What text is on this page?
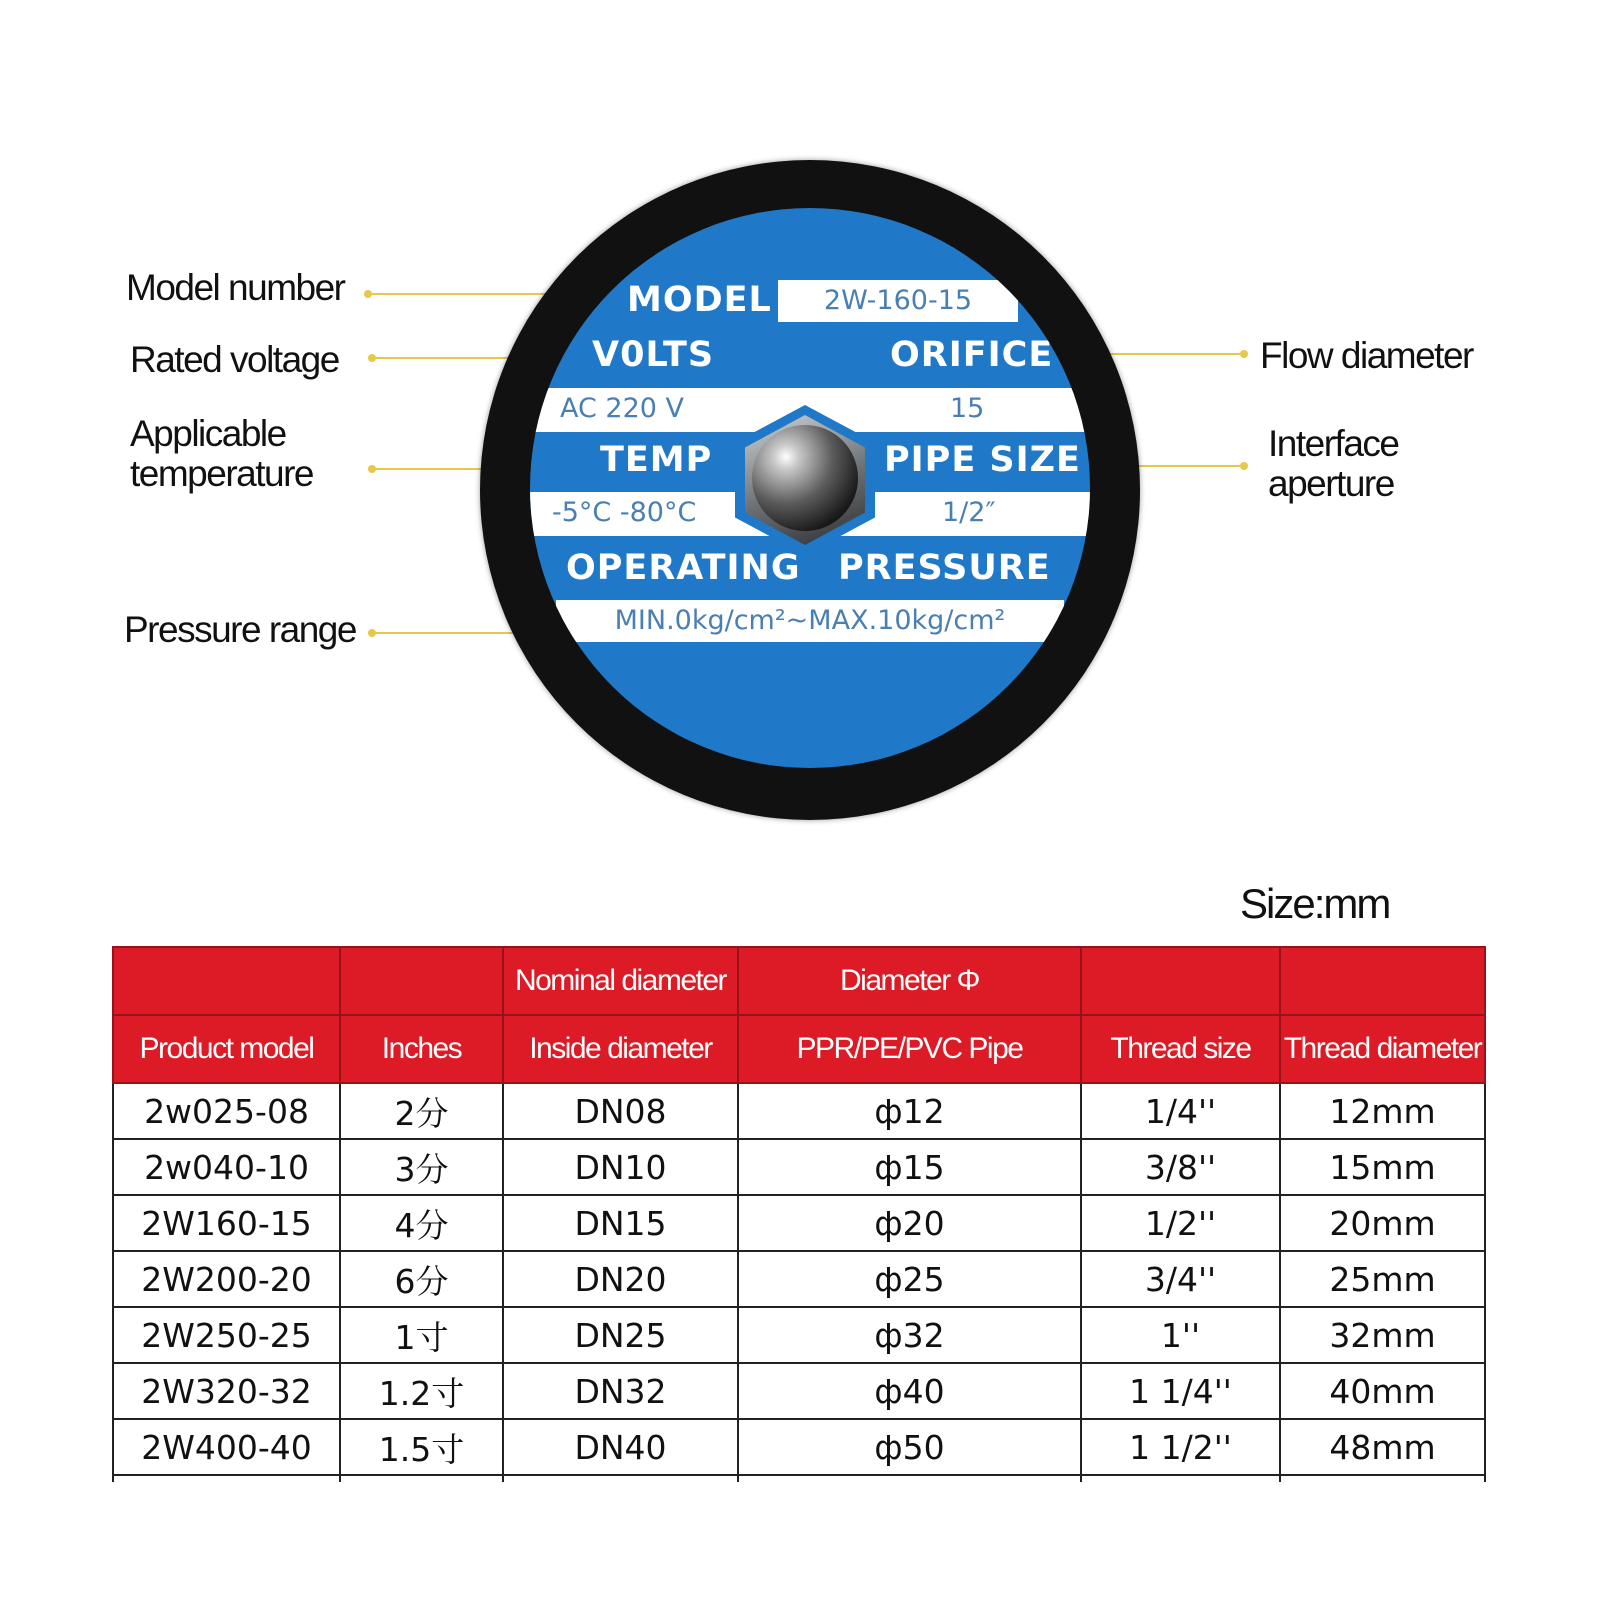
Model number
Rated voltage
Applicable
temperature
Pressure range
Flow diameter
Interface
aperture
MODEL	2W-160-15
V0LTS	ORIFICE
AC 220 V	15
TEMP	PIPE SIZE
-5°C -80°C	1/2″
OPERATING PRESSURE
MIN.0kg/cm²~MAX.10kg/cm²
Size:mm
		Nominal diameter	Diameter Φ		
Product model	Inches	Inside diameter	PPR/PE/PVC Pipe	Thread size	Thread diameter
2w025-08	2分	DN08	ф12	1/4''	12mm
2w040-10	3分	DN10	ф15	3/8''	15mm
2W160-15	4分	DN15	ф20	1/2''	20mm
2W200-20	6分	DN20	ф25	3/4''	25mm
2W250-25	1寸	DN25	ф32	1''	32mm
2W320-32	1.2寸	DN32	ф40	1 1/4''	40mm
2W400-40	1.5寸	DN40	ф50	1 1/2''	48mm
